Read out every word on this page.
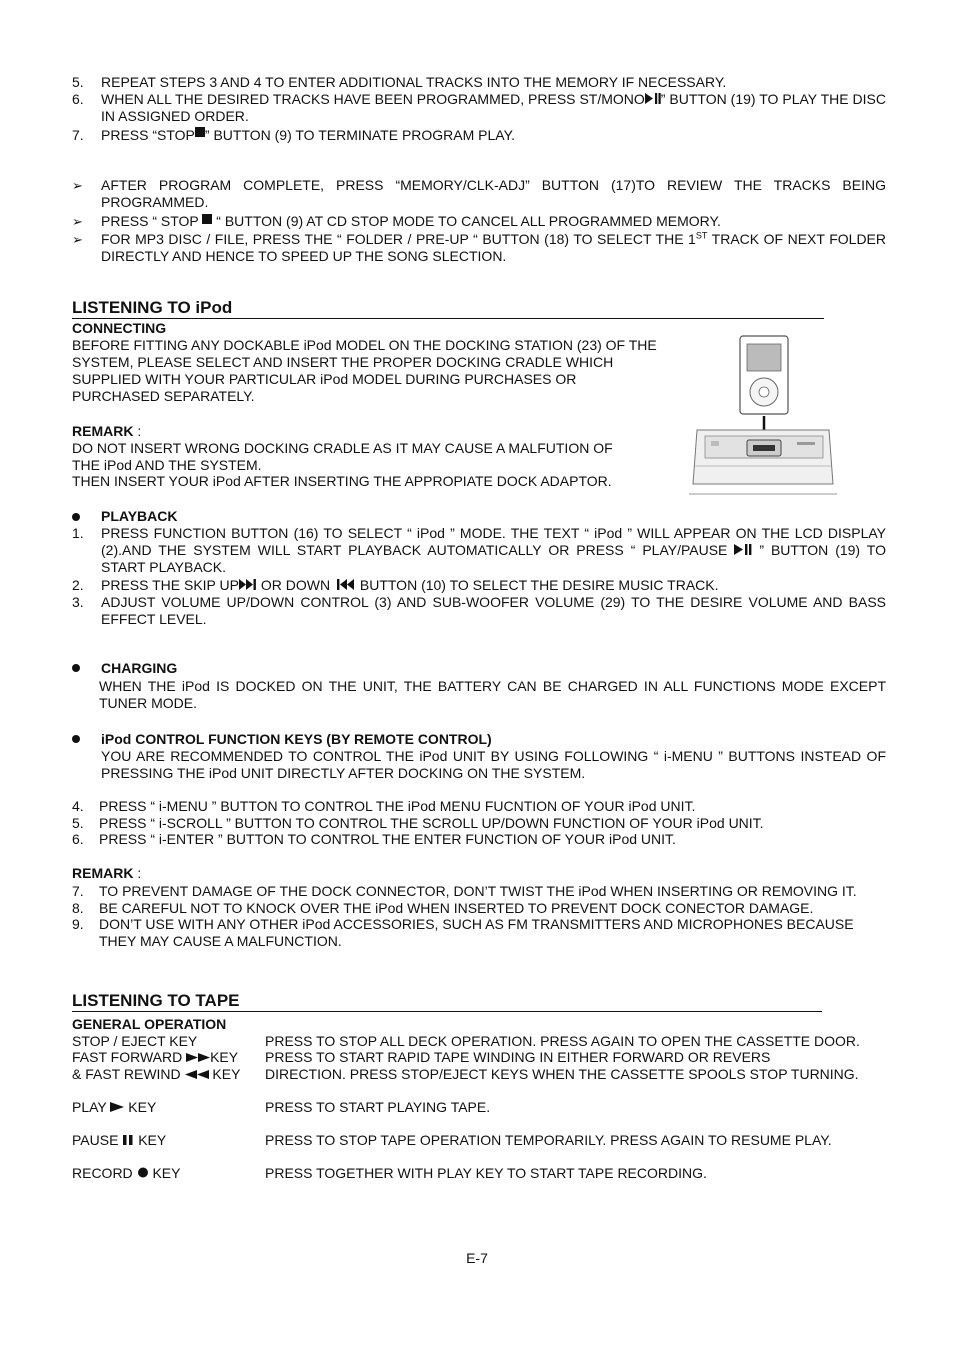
5.	REPEAT STEPS 3 AND 4 TO ENTER ADDITIONAL TRACKS INTO THE MEMORY IF NECESSARY.
6.	WHEN ALL THE DESIRED TRACKS HAVE BEEN PROGRAMMED, PRESS ST/MONO ” BUTTON (19) TO PLAY THE DISC IN ASSIGNED ORDER.
7.	PRESS “STOP ” BUTTON (9) TO TERMINATE PROGRAM PLAY.
➢ AFTER PROGRAM COMPLETE, PRESS “MEMORY/CLK-ADJ” BUTTON (17)TO REVIEW THE TRACKS BEING PROGRAMMED.
➢ PRESS “ STOP  “ BUTTON (9) AT CD STOP MODE TO CANCEL ALL PROGRAMMED MEMORY.
➢ FOR MP3 DISC / FILE, PRESS THE “ FOLDER / PRE-UP “ BUTTON (18) TO SELECT THE 1ST TRACK OF NEXT FOLDER DIRECTLY AND HENCE TO SPEED UP THE SONG SLECTION.
LISTENING TO iPod
CONNECTING
BEFORE FITTING ANY DOCKABLE iPod MODEL ON THE DOCKING STATION (23) OF THE SYSTEM, PLEASE SELECT AND INSERT THE PROPER DOCKING CRADLE WHICH SUPPLIED WITH YOUR PARTICULAR iPod MODEL DURING PURCHASES OR PURCHASED SEPARATELY.
REMARK :
DO NOT INSERT WRONG DOCKING CRADLE AS IT MAY CAUSE A MALFUTION OF THE iPod AND THE SYSTEM.
THEN INSERT YOUR iPod AFTER INSERTING THE APPROPIATE DOCK ADAPTOR.
PLAYBACK
1.	PRESS FUNCTION BUTTON (16) TO SELECT “ iPod ” MODE. THE TEXT “ iPod ” WILL APPEAR ON THE LCD DISPLAY (2).AND THE SYSTEM WILL START PLAYBACK AUTOMATICALLY OR PRESS “ PLAY/PAUSE  ” BUTTON (19) TO START PLAYBACK.
2.	PRESS THE SKIP UP OR DOWN  BUTTON (10) TO SELECT THE DESIRE MUSIC TRACK.
3.	ADJUST VOLUME UP/DOWN CONTROL (3) AND SUB-WOOFER VOLUME (29) TO THE DESIRE VOLUME AND BASS EFFECT LEVEL.
CHARGING
WHEN THE iPod IS DOCKED ON THE UNIT, THE BATTERY CAN BE CHARGED IN ALL FUNCTIONS MODE EXCEPT TUNER MODE.
iPod CONTROL FUNCTION KEYS (BY REMOTE CONTROL)
YOU ARE RECOMMENDED TO CONTROL THE iPod UNIT BY USING FOLLOWING “ i-MENU ” BUTTONS INSTEAD OF PRESSING THE iPod UNIT DIRECTLY AFTER DOCKING ON THE SYSTEM.
4.	PRESS “ i-MENU ” BUTTON TO CONTROL THE iPod MENU FUCNTION OF YOUR iPod UNIT.
5.	PRESS “ i-SCROLL ” BUTTON TO CONTROL THE SCROLL UP/DOWN FUNCTION OF YOUR iPod UNIT.
6.	PRESS “ i-ENTER ” BUTTON TO CONTROL THE ENTER FUNCTION OF YOUR iPod UNIT.
REMARK :
7.	TO PREVENT DAMAGE OF THE DOCK CONNECTOR, DON’T TWIST THE iPod WHEN INSERTING OR REMOVING IT.
8.	BE CAREFUL NOT TO KNOCK OVER THE iPod WHEN INSERTED TO PREVENT DOCK CONECTOR DAMAGE.
9.	DON’T USE WITH ANY OTHER iPod ACCESSORIES, SUCH AS FM TRANSMITTERS AND MICROPHONES BECAUSE THEY MAY CAUSE A MALFUNCTION.
LISTENING TO TAPE
GENERAL OPERATION
STOP / EJECT KEY	PRESS TO STOP ALL DECK OPERATION. PRESS AGAIN TO OPEN THE CASSETTE DOOR.
FAST FORWARD KEY	PRESS TO START RAPID TAPE WINDING IN EITHER FORWARD OR REVERS
& FAST REWIND  KEY	DIRECTION. PRESS STOP/EJECT KEYS WHEN THE CASSETTE SPOOLS STOP TURNING.
PLAY  KEY	PRESS TO START PLAYING TAPE.
PAUSE  KEY	PRESS TO STOP TAPE OPERATION TEMPORARILY. PRESS AGAIN TO RESUME PLAY.
RECORD  KEY	PRESS TOGETHER WITH PLAY KEY TO START TAPE RECORDING.
E-7
